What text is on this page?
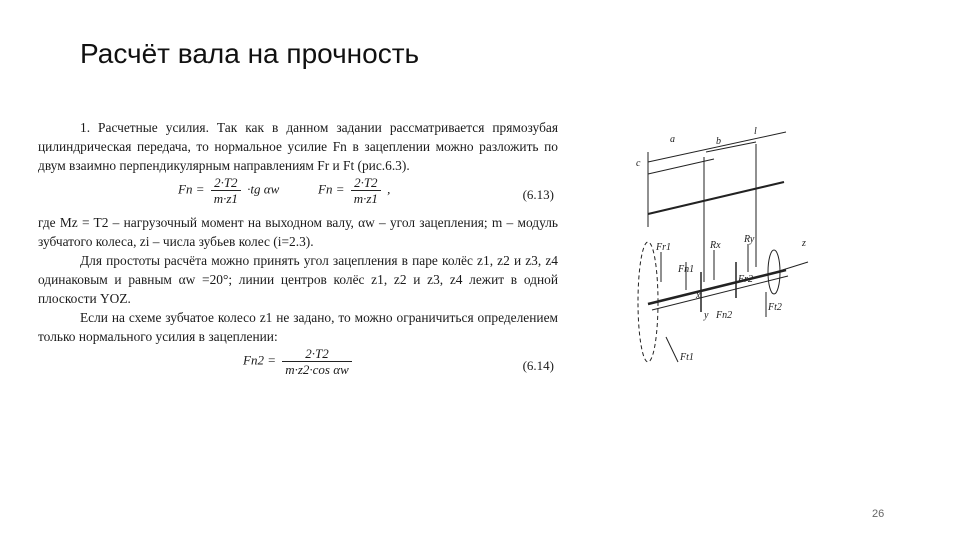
Расчёт вала на прочность

1. Расчетные усилия. Так как в данном задании рассматривается прямозубая цилиндрическая передача, то нормальное усилие Fn в зацеплении можно разложить по двум взаимно перпендикулярным направлениям Fr и Ft (рис.6.3).

$Fn = \frac{2\cdot T2}{m\cdot z1} \cdot tg$ αw	$Fn = \frac{2\cdot T2}{m\cdot z1}$ ,	(6.13)

где Mz = T2 – нагрузочный момент на выходном валу, αw – угол зацепления; m – модуль зубчатого колеса, zi – числа зубьев колес (i=2.3).

Для простоты расчёта можно принять угол зацепления в паре колёс z1, z2 и z3, z4 одинаковым и равным αw =20°; линии центров колёс z1, z2 и z3, z4 лежит в одной плоскости YOZ.

Если на схеме зубчатое колесо z1 не задано, то можно ограничиться определением только нормального усилия в зацеплении:

$Fn2 = \frac{2\cdot T2}{\text{m·z2·cos αw}}$	(6.14)
a	b
l
c
z
Fr1
Fn1
Rx
Ry
Fr2
Fn2
Ft2
Ft1
x
y
26
